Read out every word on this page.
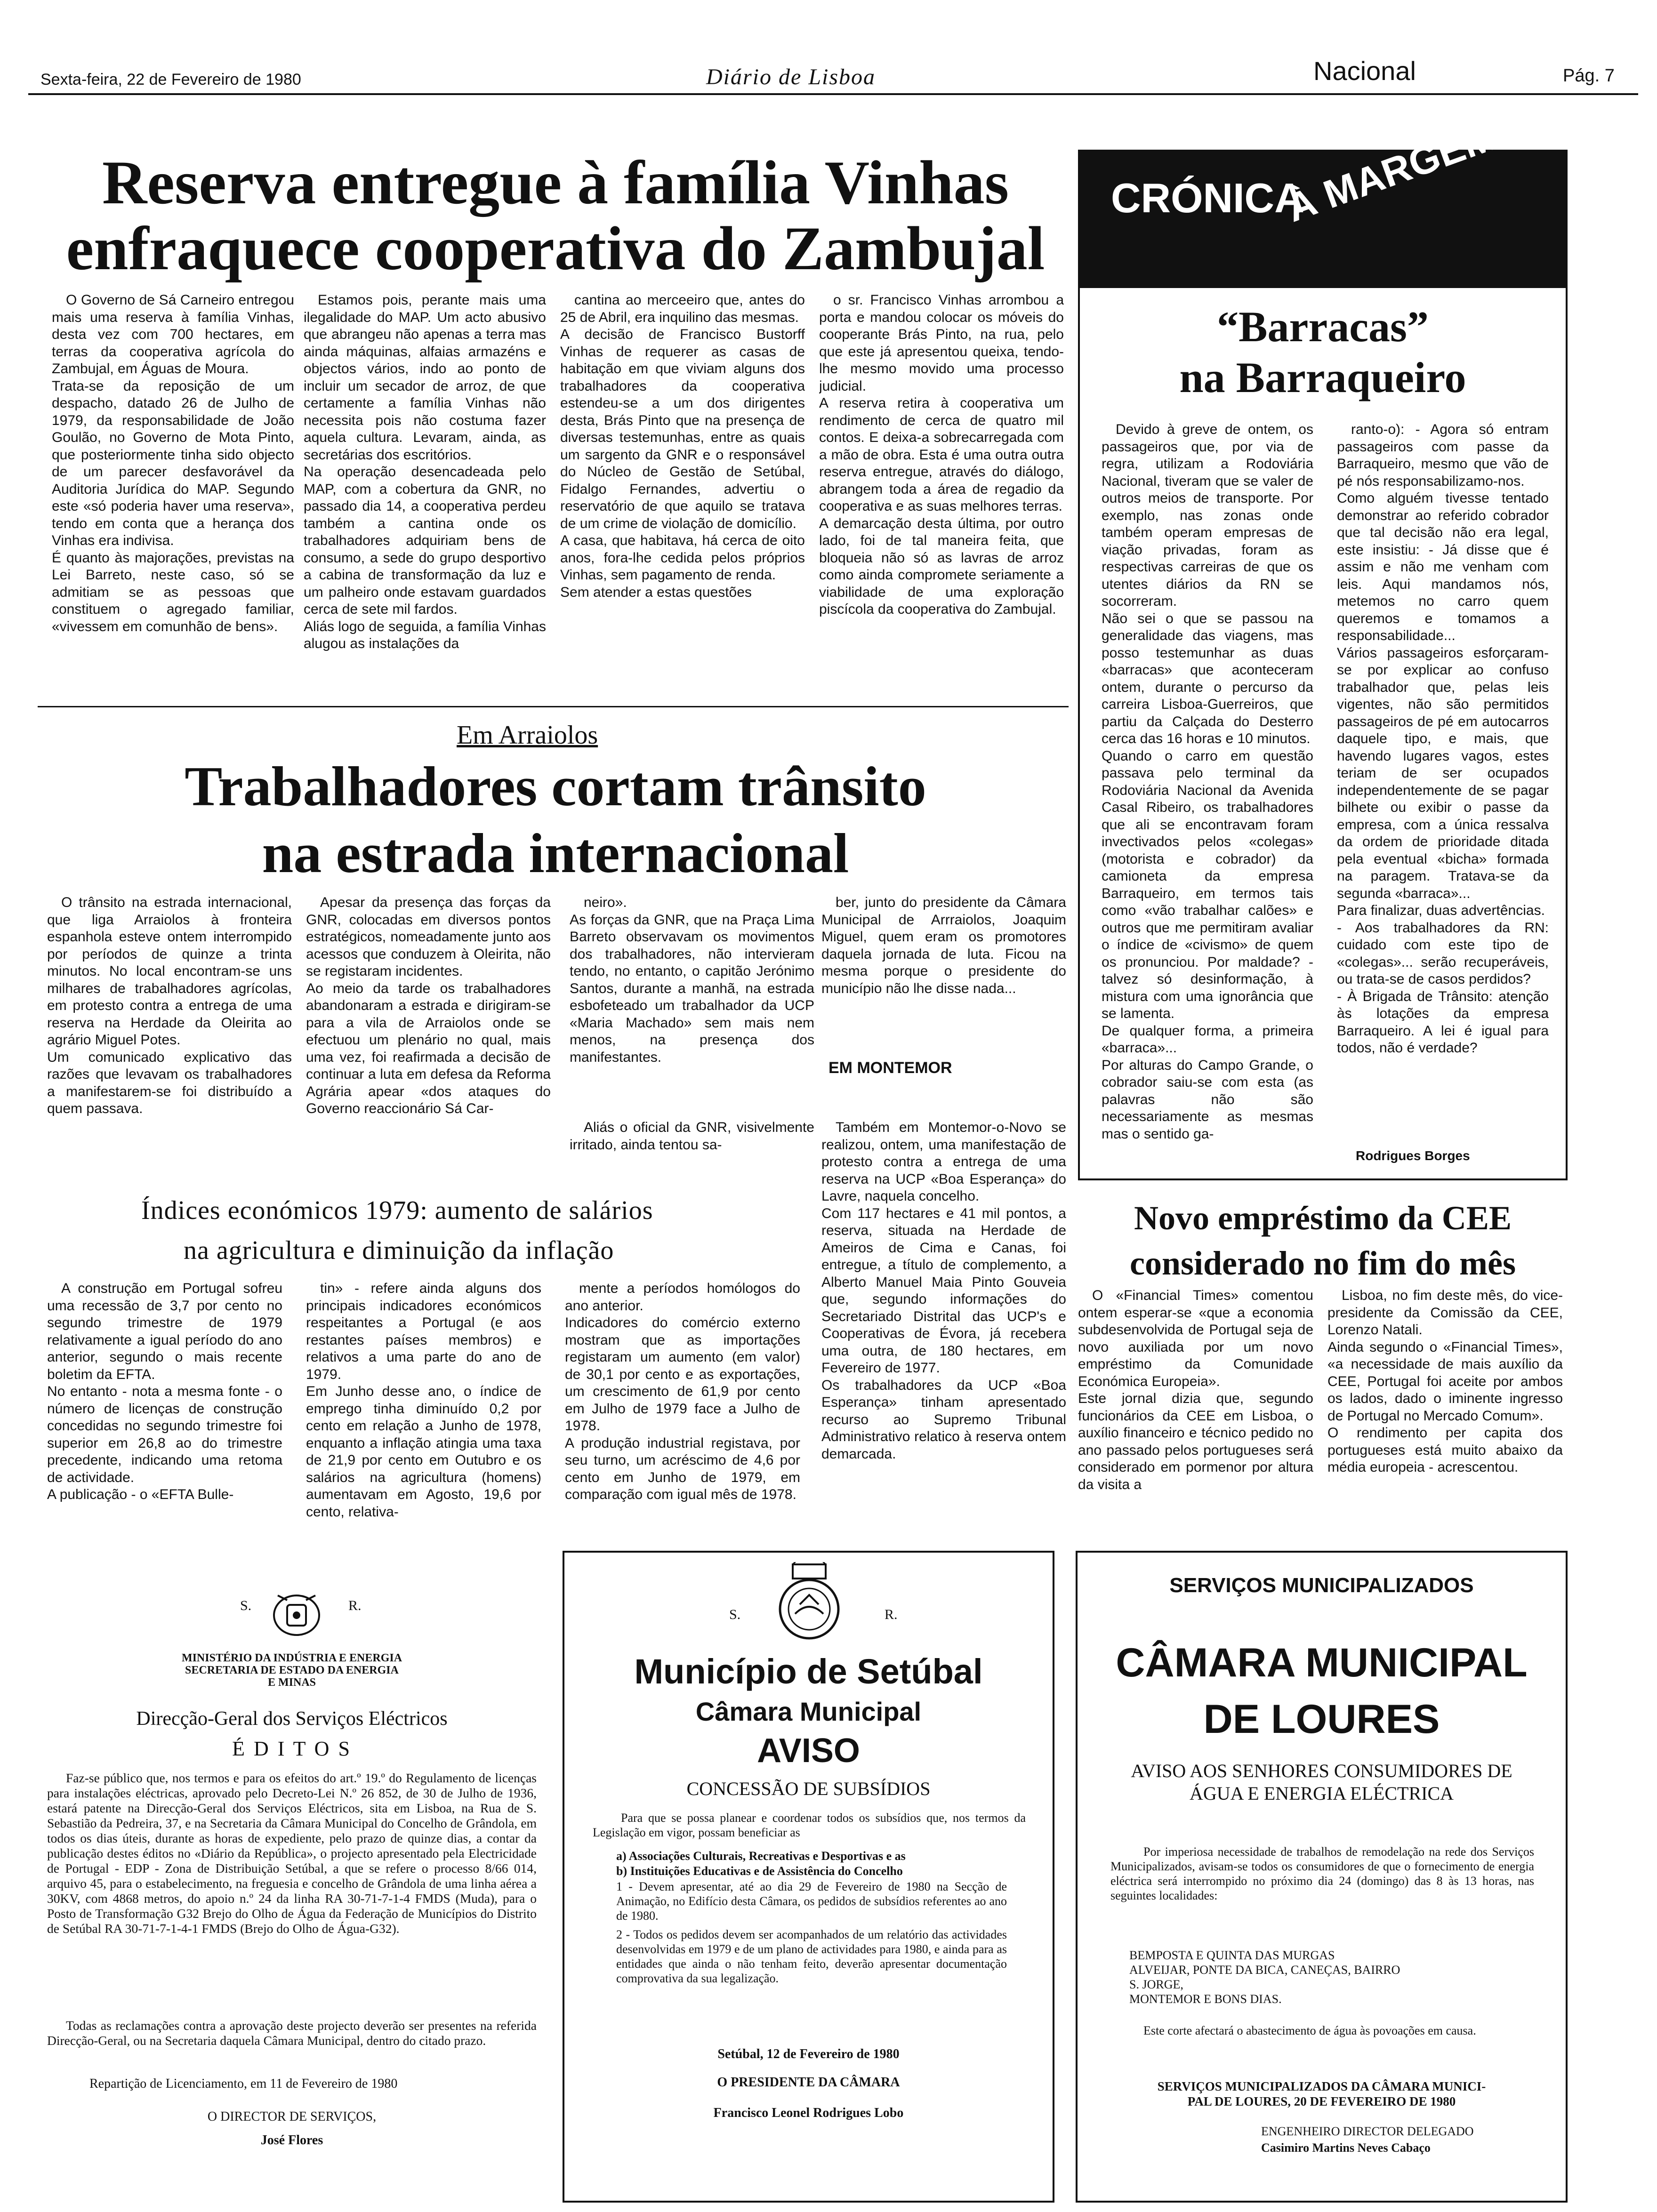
Sexta-feira, 22 de Fevereiro de 1980	Diário de Lisboa	Nacional	Pág. 7
Reserva entregue à família Vinhas
enfraquece cooperativa do Zambujal
O Governo de Sá Carneiro entregou mais uma reserva à família Vinhas, desta vez com 700 hectares, em terras da cooperativa agrícola do Zambujal, em Águas de Moura.
Trata-se da reposição de um despacho, datado 26 de Julho de 1979, da responsabilidade de João Goulão, no Governo de Mota Pinto, que posteriormente tinha sido objecto de um parecer desfavorável da Auditoria Jurídica do MAP. Segundo este «só poderia haver uma reserva», tendo em conta que a herança dos Vinhas era indivisa.
É quanto às majorações, previstas na Lei Barreto, neste caso, só se admitiam se as pessoas que constituem o agregado familiar, «vivessem em comunhão de bens».
Estamos pois, perante mais uma ilegalidade do MAP. Um acto abusivo que abrangeu não apenas a terra mas ainda máquinas, alfaias armazéns e objectos vários, indo ao ponto de incluir um secador de arroz, de que certamente a família Vinhas não necessita pois não costuma fazer aquela cultura. Levaram, ainda, as secretárias dos escritórios.
Na operação desencadeada pelo MAP, com a cobertura da GNR, no passado dia 14, a cooperativa perdeu também a cantina onde os trabalhadores adquiriam bens de consumo, a sede do grupo desportivo a cabina de transformação da luz e um palheiro onde estavam guardados cerca de sete mil fardos.
Aliás logo de seguida, a família Vinhas alugou as instalações da
cantina ao merceeiro que, antes do 25 de Abril, era inquilino das mesmas.
A decisão de Francisco Bustorff Vinhas de requerer as casas de habitação em que viviam alguns dos trabalhadores da cooperativa estendeu-se a um dos dirigentes desta, Brás Pinto que na presença de diversas testemunhas, entre as quais um sargento da GNR e o responsável do Núcleo de Gestão de Setúbal, Fidalgo Fernandes, advertiu o reservatório de que aquilo se tratava de um crime de violação de domicílio.
A casa, que habitava, há cerca de oito anos, fora-lhe cedida pelos próprios Vinhas, sem pagamento de renda.
Sem atender a estas questões
o sr. Francisco Vinhas arrombou a porta e mandou colocar os móveis do cooperante Brás Pinto, na rua, pelo que este já apresentou queixa, tendo-lhe mesmo movido uma processo judicial.
A reserva retira à cooperativa um rendimento de cerca de quatro mil contos. E deixa-a sobrecarregada com a mão de obra. Esta é uma outra outra reserva entregue, através do diálogo, abrangem toda a área de regadio da cooperativa e as suas melhores terras.
A demarcação desta última, por outro lado, foi de tal maneira feita, que bloqueia não só as lavras de arroz como ainda compromete seriamente a viabilidade de uma exploração piscícola da cooperativa do Zambujal.
CRÓNICA
À MARGEM
“Barracas”
na Barraqueiro
Devido à greve de ontem, os passageiros que, por via de regra, utilizam a Rodoviária Nacional, tiveram que se valer de outros meios de transporte. Por exemplo, nas zonas onde também operam empresas de viação privadas, foram as respectivas carreiras de que os utentes diários da RN se socorreram.
Não sei o que se passou na generalidade das viagens, mas posso testemunhar as duas «barracas» que aconteceram ontem, durante o percurso da carreira Lisboa-Guerreiros, que partiu da Calçada do Desterro cerca das 16 horas e 10 minutos.
Quando o carro em questão passava pelo terminal da Rodoviária Nacional da Avenida Casal Ribeiro, os trabalhadores que ali se encontravam foram invectivados pelos «colegas» (motorista e cobrador) da camioneta da empresa Barraqueiro, em termos tais como «vão trabalhar calões» e outros que me permitiram avaliar o índice de «civismo» de quem os pronunciou. Por maldade? - talvez só desinformação, à mistura com uma ignorância que se lamenta.
De qualquer forma, a primeira «barraca»...
Por alturas do Campo Grande, o cobrador saiu-se com esta (as palavras não são necessariamente as mesmas mas o sentido ga-
ranto-o): - Agora só entram passageiros com passe da Barraqueiro, mesmo que vão de pé nós responsabilizamo-nos.
Como alguém tivesse tentado demonstrar ao referido cobrador que tal decisão não era legal, este insistiu: - Já disse que é assim e não me venham com leis. Aqui mandamos nós, metemos no carro quem queremos e tomamos a responsabilidade...
Vários passageiros esforçaram-se por explicar ao confuso trabalhador que, pelas leis vigentes, não são permitidos passageiros de pé em autocarros daquele tipo, e mais, que havendo lugares vagos, estes teriam de ser ocupados independentemente de se pagar bilhete ou exibir o passe da empresa, com a única ressalva da ordem de prioridade ditada pela eventual «bicha» formada na paragem. Tratava-se da segunda «barraca»...
Para finalizar, duas advertências.
- Aos trabalhadores da RN: cuidado com este tipo de «colegas»... serão recuperáveis, ou trata-se de casos perdidos?
- À Brigada de Trânsito: atenção às lotações da empresa Barraqueiro. A lei é igual para todos, não é verdade?
Rodrigues Borges
Em Arraiolos
Trabalhadores cortam trânsito
na estrada internacional
O trânsito na estrada internacional, que liga Arraiolos à fronteira espanhola esteve ontem interrompido por períodos de quinze a trinta minutos. No local encontram-se uns milhares de trabalhadores agrícolas, em protesto contra a entrega de uma reserva na Herdade da Oleirita ao agrário Miguel Potes.
Um comunicado explicativo das razões que levavam os trabalhadores a manifestarem-se foi distribuído a quem passava.
Apesar da presença das forças da GNR, colocadas em diversos pontos estratégicos, nomeadamente junto aos acessos que conduzem à Oleirita, não se registaram incidentes.
Ao meio da tarde os trabalhadores abandonaram a estrada e dirigiram-se para a vila de Arraiolos onde se efectuou um plenário no qual, mais uma vez, foi reafirmada a decisão de continuar a luta em defesa da Reforma Agrária apear «dos ataques do Governo reaccionário Sá Car-
neiro».
As forças da GNR, que na Praça Lima Barreto observavam os movimentos dos trabalhadores, não intervieram tendo, no entanto, o capitão Jerónimo Santos, durante a manhã, na estrada esbofeteado um trabalhador da UCP «Maria Machado» sem mais nem menos, na presença dos manifestantes.
Aliás o oficial da GNR, visivelmente irritado, ainda tentou sa-
ber, junto do presidente da Câmara Municipal de Arrraiolos, Joaquim Miguel, quem eram os promotores daquela jornada de luta. Ficou na mesma porque o presidente do município não lhe disse nada...
EM MONTEMOR
Também em Montemor-o-Novo se realizou, ontem, uma manifestação de protesto contra a entrega de uma reserva na UCP «Boa Esperança» do Lavre, naquela concelho.
Com 117 hectares e 41 mil pontos, a reserva, situada na Herdade de Ameiros de Cima e Canas, foi entregue, a título de complemento, a Alberto Manuel Maia Pinto Gouveia que, segundo informações do Secretariado Distrital das UCP's e Cooperativas de Évora, já recebera uma outra, de 180 hectares, em Fevereiro de 1977.
Os trabalhadores da UCP «Boa Esperança» tinham apresentado recurso ao Supremo Tribunal Administrativo relatico à reserva ontem demarcada.
Índices económicos 1979: aumento de salários
na agricultura e diminuição da inflação
A construção em Portugal sofreu uma recessão de 3,7 por cento no segundo trimestre de 1979 relativamente a igual período do ano anterior, segundo o mais recente boletim da EFTA.
No entanto - nota a mesma fonte - o número de licenças de construção concedidas no segundo trimestre foi superior em 26,8 ao do trimestre precedente, indicando uma retoma de actividade.
A publicação - o «EFTA Bulle-
tin» - refere ainda alguns dos principais indicadores económicos respeitantes a Portugal (e aos restantes países membros) e relativos a uma parte do ano de 1979.
Em Junho desse ano, o índice de emprego tinha diminuído 0,2 por cento em relação a Junho de 1978, enquanto a inflação atingia uma taxa de 21,9 por cento em Outubro e os salários na agricultura (homens) aumentavam em Agosto, 19,6 por cento, relativa-
mente a períodos homólogos do ano anterior.
Indicadores do comércio externo mostram que as importações registaram um aumento (em valor) de 30,1 por cento e as exportações, um crescimento de 61,9 por cento em Julho de 1979 face a Julho de 1978.
A produção industrial registava, por seu turno, um acréscimo de 4,6 por cento em Junho de 1979, em comparação com igual mês de 1978.
Novo empréstimo da CEE
considerado no fim do mês
O «Financial Times» comentou ontem esperar-se «que a economia subdesenvolvida de Portugal seja de novo auxiliada por um novo empréstimo da Comunidade Económica Europeia».
Este jornal dizia que, segundo funcionários da CEE em Lisboa, o auxílio financeiro e técnico pedido no ano passado pelos portugueses será considerado em pormenor por altura da visita a
Lisboa, no fim deste mês, do vice-presidente da Comissão da CEE, Lorenzo Natali.
Ainda segundo o «Financial Times», «a necessidade de mais auxílio da CEE, Portugal foi aceite por ambos os lados, dado o iminente ingresso de Portugal no Mercado Comum».
O rendimento per capita dos portugueses está muito abaixo da média europeia - acrescentou.
S.	R.
MINISTÉRIO DA INDÚSTRIA E ENERGIA
SECRETARIA DE ESTADO DA ENERGIA
E MINAS
Direcção-Geral dos Serviços Eléctricos
É D I T O S
Faz-se público que, nos termos e para os efeitos do art.º 19.º do Regulamento de licenças para instalações eléctricas, aprovado pelo Decreto-Lei N.º 26 852, de 30 de Julho de 1936, estará patente na Direcção-Geral dos Serviços Eléctricos, sita em Lisboa, na Rua de S. Sebastião da Pedreira, 37, e na Secretaria da Câmara Municipal do Concelho de Grândola, em todos os dias úteis, durante as horas de expediente, pelo prazo de quinze dias, a contar da publicação destes éditos no «Diário da República», o projecto apresentado pela Electricidade de Portugal - EDP - Zona de Distribuição Setúbal, a que se refere o processo 8/66 014, arquivo 45, para o estabelecimento, na freguesia e concelho de Grândola de uma linha aérea a 30KV, com 4868 metros, do apoio n.º 24 da linha RA 30-71-7-1-4 FMDS (Muda), para o Posto de Transformação G32 Brejo do Olho de Água da Federação de Municípios do Distrito de Setúbal RA 30-71-7-1-4-1 FMDS (Brejo do Olho de Água-G32).
Todas as reclamações contra a aprovação deste projecto deverão ser presentes na referida Direcção-Geral, ou na Secretaria daquela Câmara Municipal, dentro do citado prazo.
Repartição de Licenciamento, em 11 de Fevereiro de 1980
O DIRECTOR DE SERVIÇOS,
José Flores
S.	R.
Município de Setúbal
Câmara Municipal
AVISO
CONCESSÃO DE SUBSÍDIOS
Para que se possa planear e coordenar todos os subsídios que, nos termos da Legislação em vigor, possam beneficiar as
a) Associações Culturais, Recreativas e Desportivas e as
b) Instituições Educativas e de Assistência do Concelho
1 - Devem apresentar, até ao dia 29 de Fevereiro de 1980 na Secção de Animação, no Edifício desta Câmara, os pedidos de subsídios referentes ao ano de 1980.
2 - Todos os pedidos devem ser acompanhados de um relatório das actividades desenvolvidas em 1979 e de um plano de actividades para 1980, e ainda para as entidades que ainda o não tenham feito, deverão apresentar documentação comprovativa da sua legalização.
Setúbal, 12 de Fevereiro de 1980
O PRESIDENTE DA CÂMARA
Francisco Leonel Rodrigues Lobo
SERVIÇOS MUNICIPALIZADOS
CÂMARA MUNICIPAL
DE LOURES
AVISO AOS SENHORES CONSUMIDORES DE
ÁGUA E ENERGIA ELÉCTRICA
Por imperiosa necessidade de trabalhos de remodelação na rede dos Serviços Municipalizados, avisam-se todos os consumidores de que o fornecimento de energia eléctrica será interrompido no próximo dia 24 (domingo) das 8 às 13 horas, nas seguintes localidades:
BEMPOSTA E QUINTA DAS MURGAS
ALVEIJAR, PONTE DA BICA, CANEÇAS, BAIRRO
S. JORGE,
MONTEMOR E BONS DIAS.
Este corte afectará o abastecimento de água às povoações em causa.
SERVIÇOS MUNICIPALIZADOS DA CÂMARA MUNICI-
PAL DE LOURES, 20 DE FEVEREIRO DE 1980
ENGENHEIRO DIRECTOR DELEGADO
Casimiro Martins Neves Cabaço
